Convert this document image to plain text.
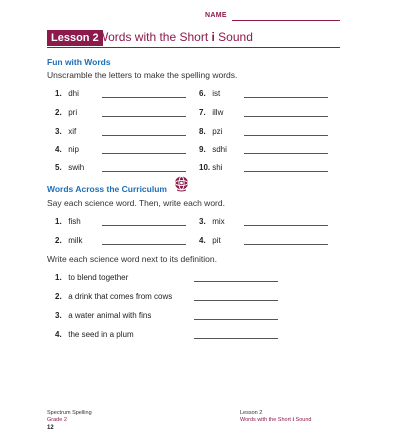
NAME
Lesson 2
Words with the Short i Sound
Fun with Words
Unscramble the letters to make the spelling words.
1. dhi
2. pri
3. xif
4. nip
5. swih
6. ist
7. illw
8. pzi
9. sdhi
10. shi
Words Across the Curriculum
Say each science word. Then, write each word.
1. fish
2. milk
3. mix
4. pit
Write each science word next to its definition.
1. to blend together
2. a drink that comes from cows
3. a water animal with fins
4. the seed in a plum
Spectrum Spelling
Grade 2
12
Lesson 2
Words with the Short i Sound
